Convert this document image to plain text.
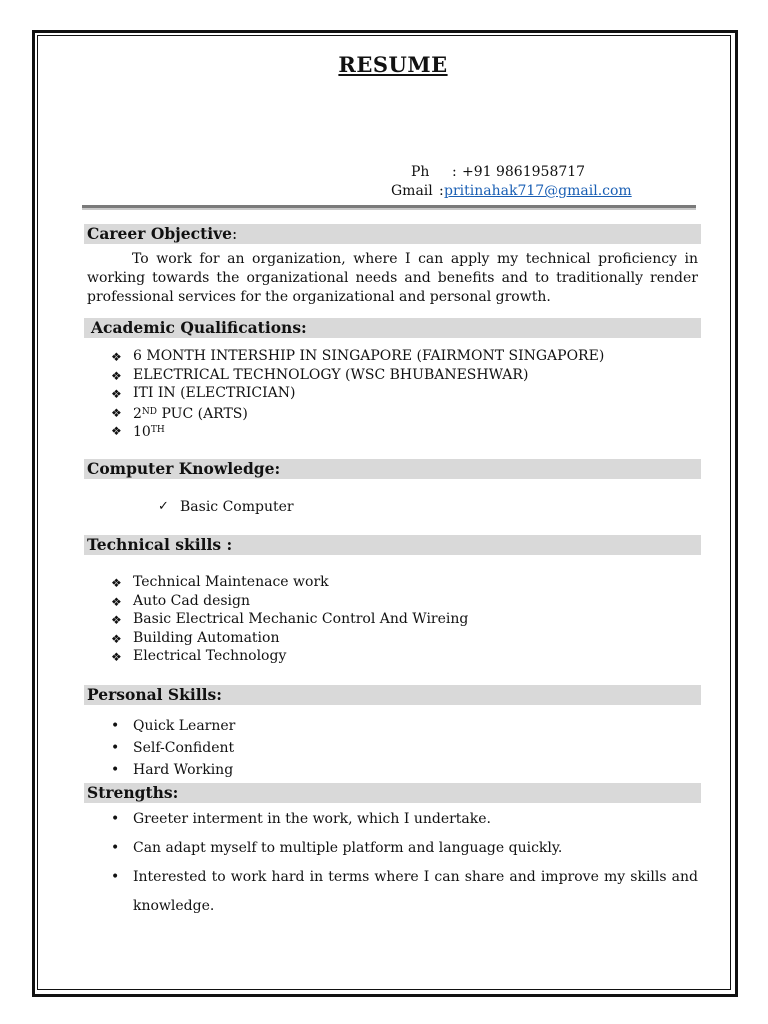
RESUME
Ph : +91 9861958717
Gmail : pritinahak717@gmail.com
Career Objective:
To work for an organization, where I can apply my technical proficiency in working towards the organizational needs and benefits and to traditionally render professional services for the organizational and personal growth.
Academic Qualifications:
❖ 6 MONTH INTERSHIP IN SINGAPORE (FAIRMONT SINGAPORE)
❖ ELECTRICAL TECHNOLOGY (WSC BHUBANESHWAR)
❖ ITI IN (ELECTRICIAN)
❖ 2ND PUC (ARTS)
❖ 10TH
Computer Knowledge:
✓ Basic Computer
Technical skills :
❖ Technical Maintenace work
❖ Auto Cad design
❖ Basic Electrical Mechanic Control And Wireing
❖ Building Automation
❖ Electrical Technology
Personal Skills:
• Quick Learner
• Self-Confident
• Hard Working
Strengths:
• Greeter interment in the work, which I undertake.
• Can adapt myself to multiple platform and language quickly.
• Interested to work hard in terms where I can share and improve my skills and
knowledge.
